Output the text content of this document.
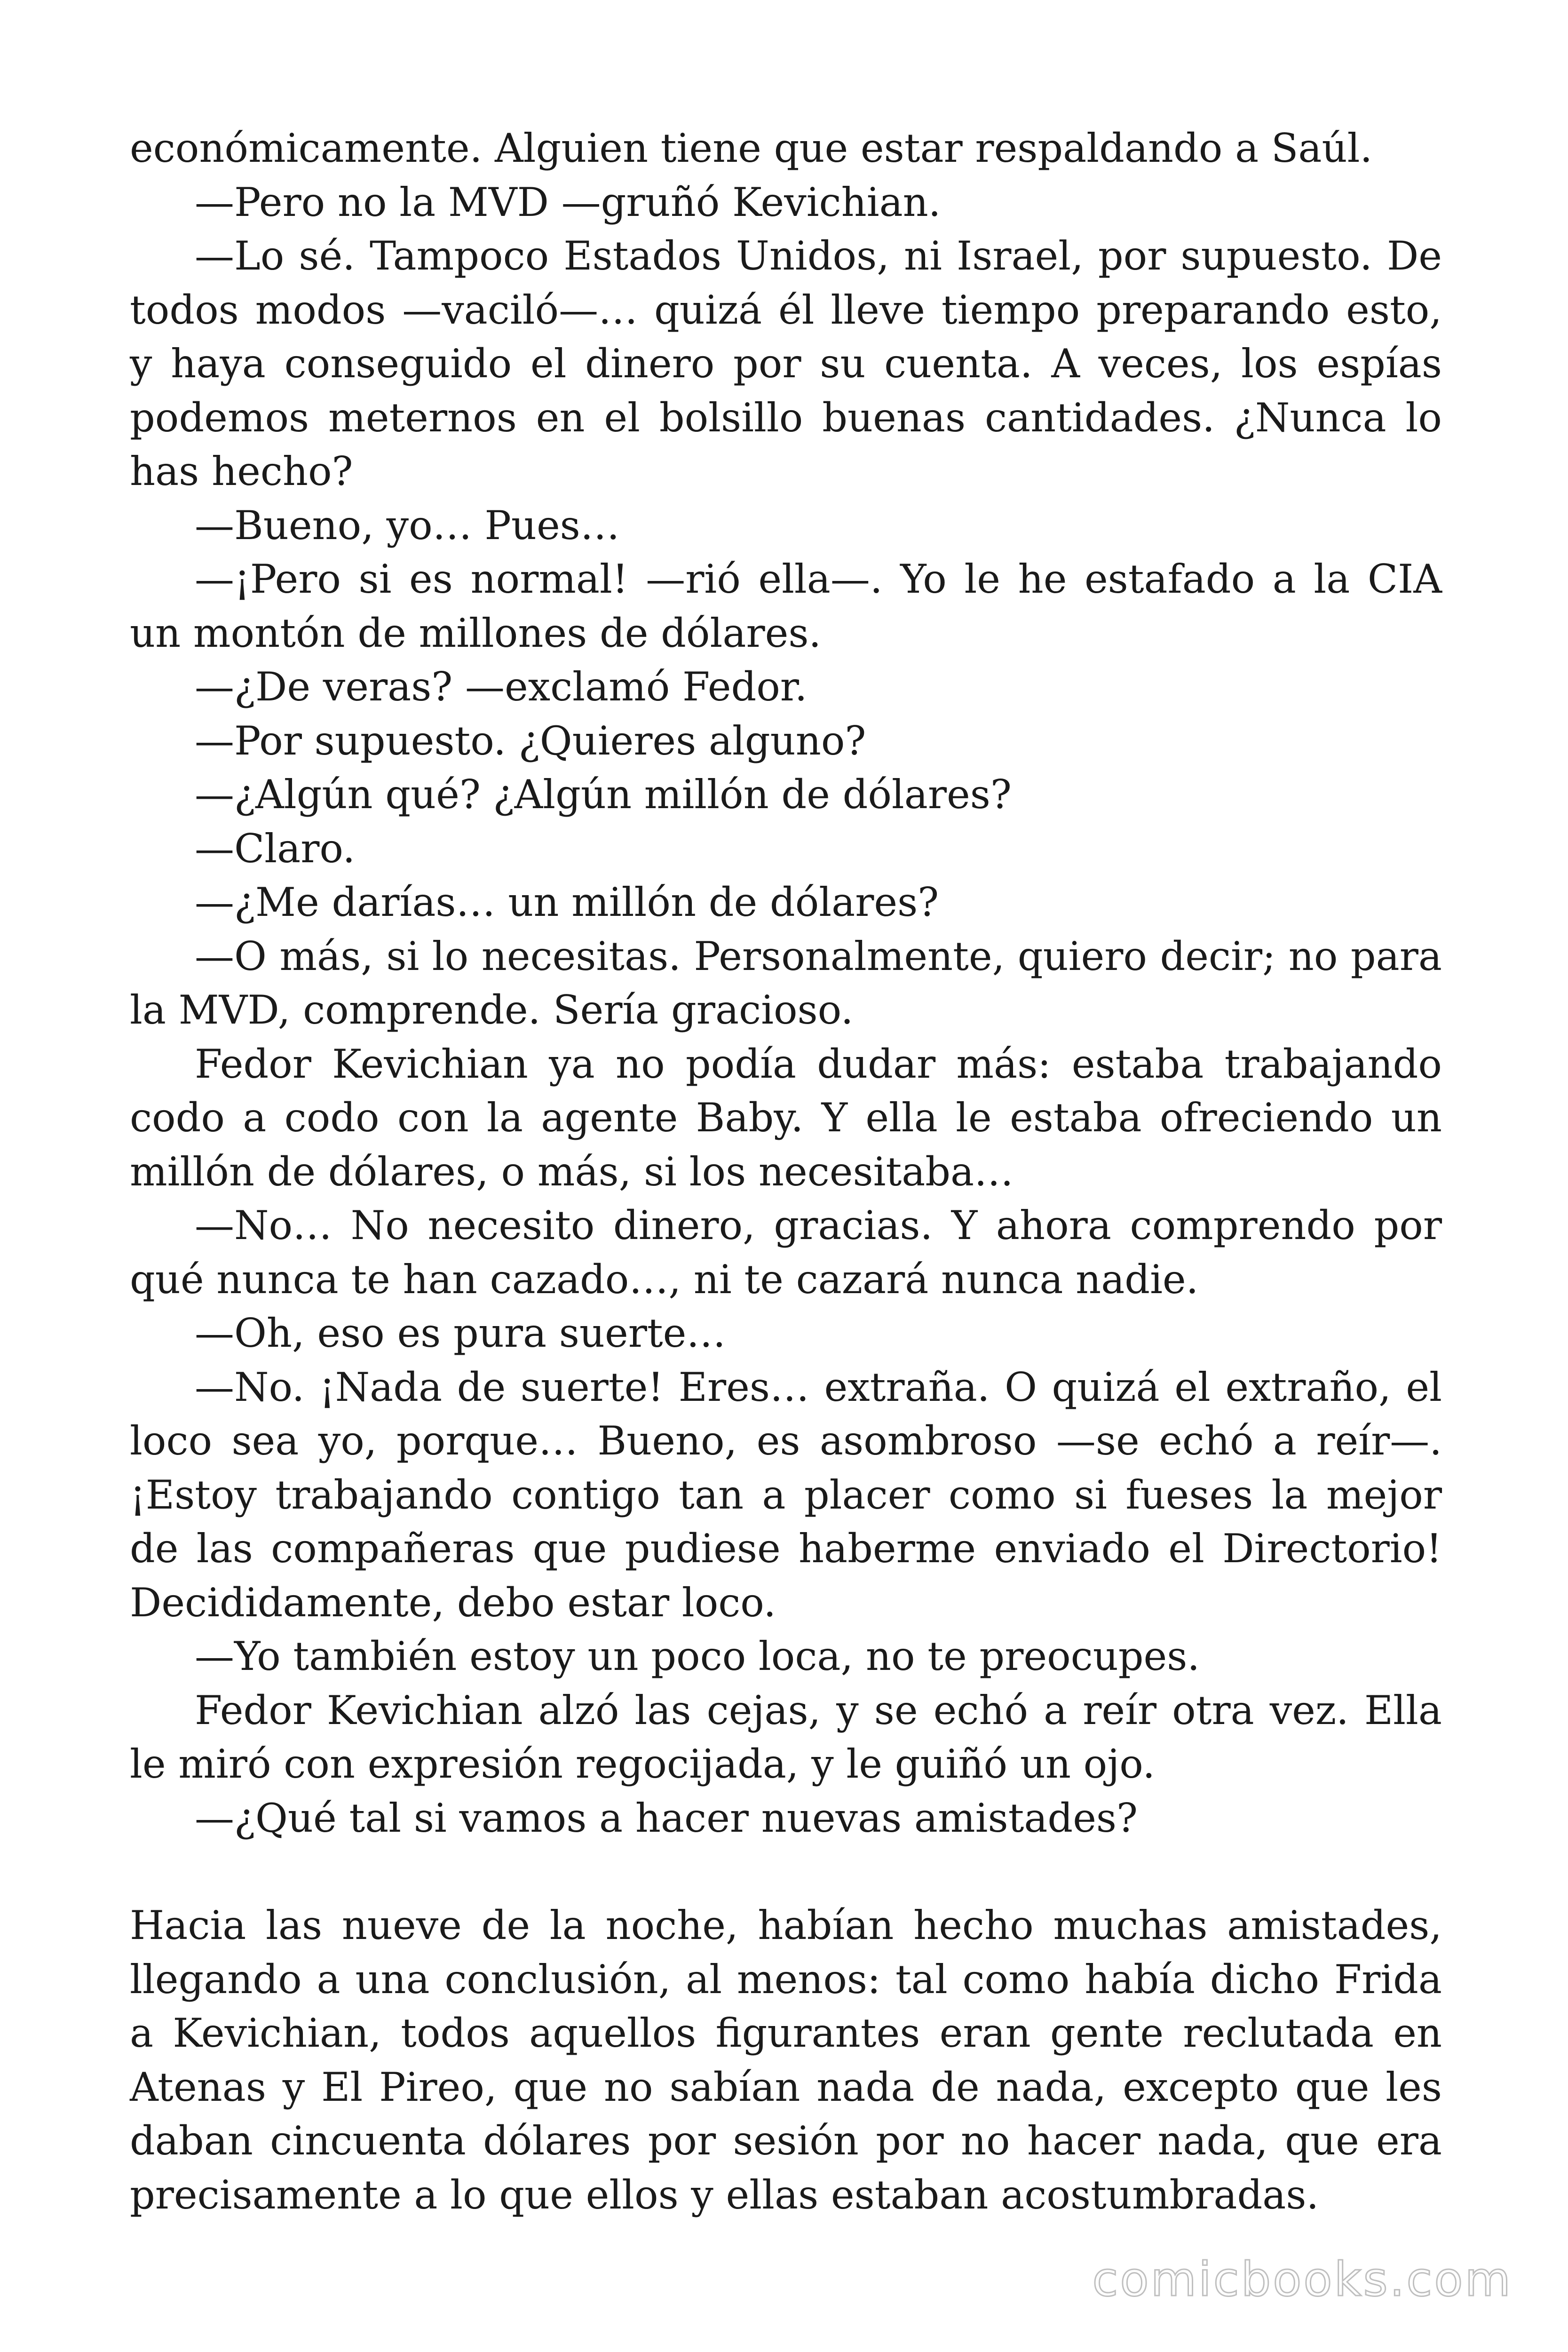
económicamente. Alguien tiene que estar respaldando a Saúl.

—Pero no la MVD —gruñó Kevichian.

—Lo sé. Tampoco Estados Unidos, ni Israel, por supuesto. De todos modos —vaciló—… quizá él lleve tiempo preparando esto, y haya conseguido el dinero por su cuenta. A veces, los espías podemos meternos en el bolsillo buenas cantidades. ¿Nunca lo has hecho?

—Bueno, yo… Pues…

—¡Pero si es normal! —rió ella—. Yo le he estafado a la CIA un montón de millones de dólares.

—¿De veras? —exclamó Fedor.

—Por supuesto. ¿Quieres alguno?

—¿Algún qué? ¿Algún millón de dólares?

—Claro.

—¿Me darías… un millón de dólares?

—O más, si lo necesitas. Personalmente, quiero decir; no para la MVD, comprende. Sería gracioso.

Fedor Kevichian ya no podía dudar más: estaba trabajando codo a codo con la agente Baby. Y ella le estaba ofreciendo un millón de dólares, o más, si los necesitaba…

—No… No necesito dinero, gracias. Y ahora comprendo por qué nunca te han cazado…, ni te cazará nunca nadie.

—Oh, eso es pura suerte…

—No. ¡Nada de suerte! Eres… extraña. O quizá el extraño, el loco sea yo, porque… Bueno, es asombroso —se echó a reír—. ¡Estoy trabajando contigo tan a placer como si fueses la mejor de las compañeras que pudiese haberme enviado el Directorio! Decididamente, debo estar loco.

—Yo también estoy un poco loca, no te preocupes.

Fedor Kevichian alzó las cejas, y se echó a reír otra vez. Ella le miró con expresión regocijada, y le guiñó un ojo.

—¿Qué tal si vamos a hacer nuevas amistades?

Hacia las nueve de la noche, habían hecho muchas amistades, llegando a una conclusión, al menos: tal como había dicho Frida a Kevichian, todos aquellos figurantes eran gente reclutada en Atenas y El Pireo, que no sabían nada de nada, excepto que les daban cincuenta dólares por sesión por no hacer nada, que era precisamente a lo que ellos y ellas estaban acostumbradas.

comicbooks.com
